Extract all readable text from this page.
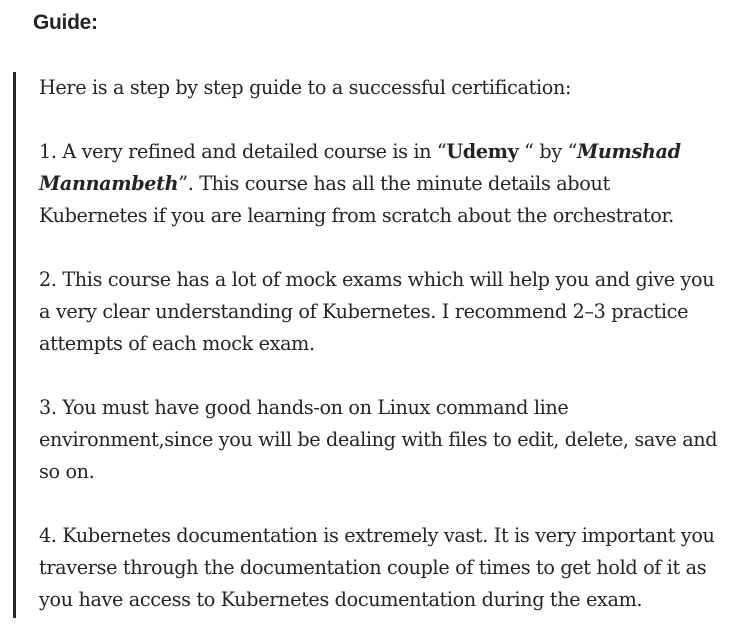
Guide:

Here is a step by step guide to a successful certification:

1. A very refined and detailed course is in “Udemy “ by “Mumshad Mannambeth”. This course has all the minute details about Kubernetes if you are learning from scratch about the orchestrator.

2. This course has a lot of mock exams which will help you and give you a very clear understanding of Kubernetes. I recommend 2–3 practice attempts of each mock exam.

3. You must have good hands-on on Linux command line environment,since you will be dealing with files to edit, delete, save and so on.

4. Kubernetes documentation is extremely vast. It is very important you traverse through the documentation couple of times to get hold of it as you have access to Kubernetes documentation during the exam.
